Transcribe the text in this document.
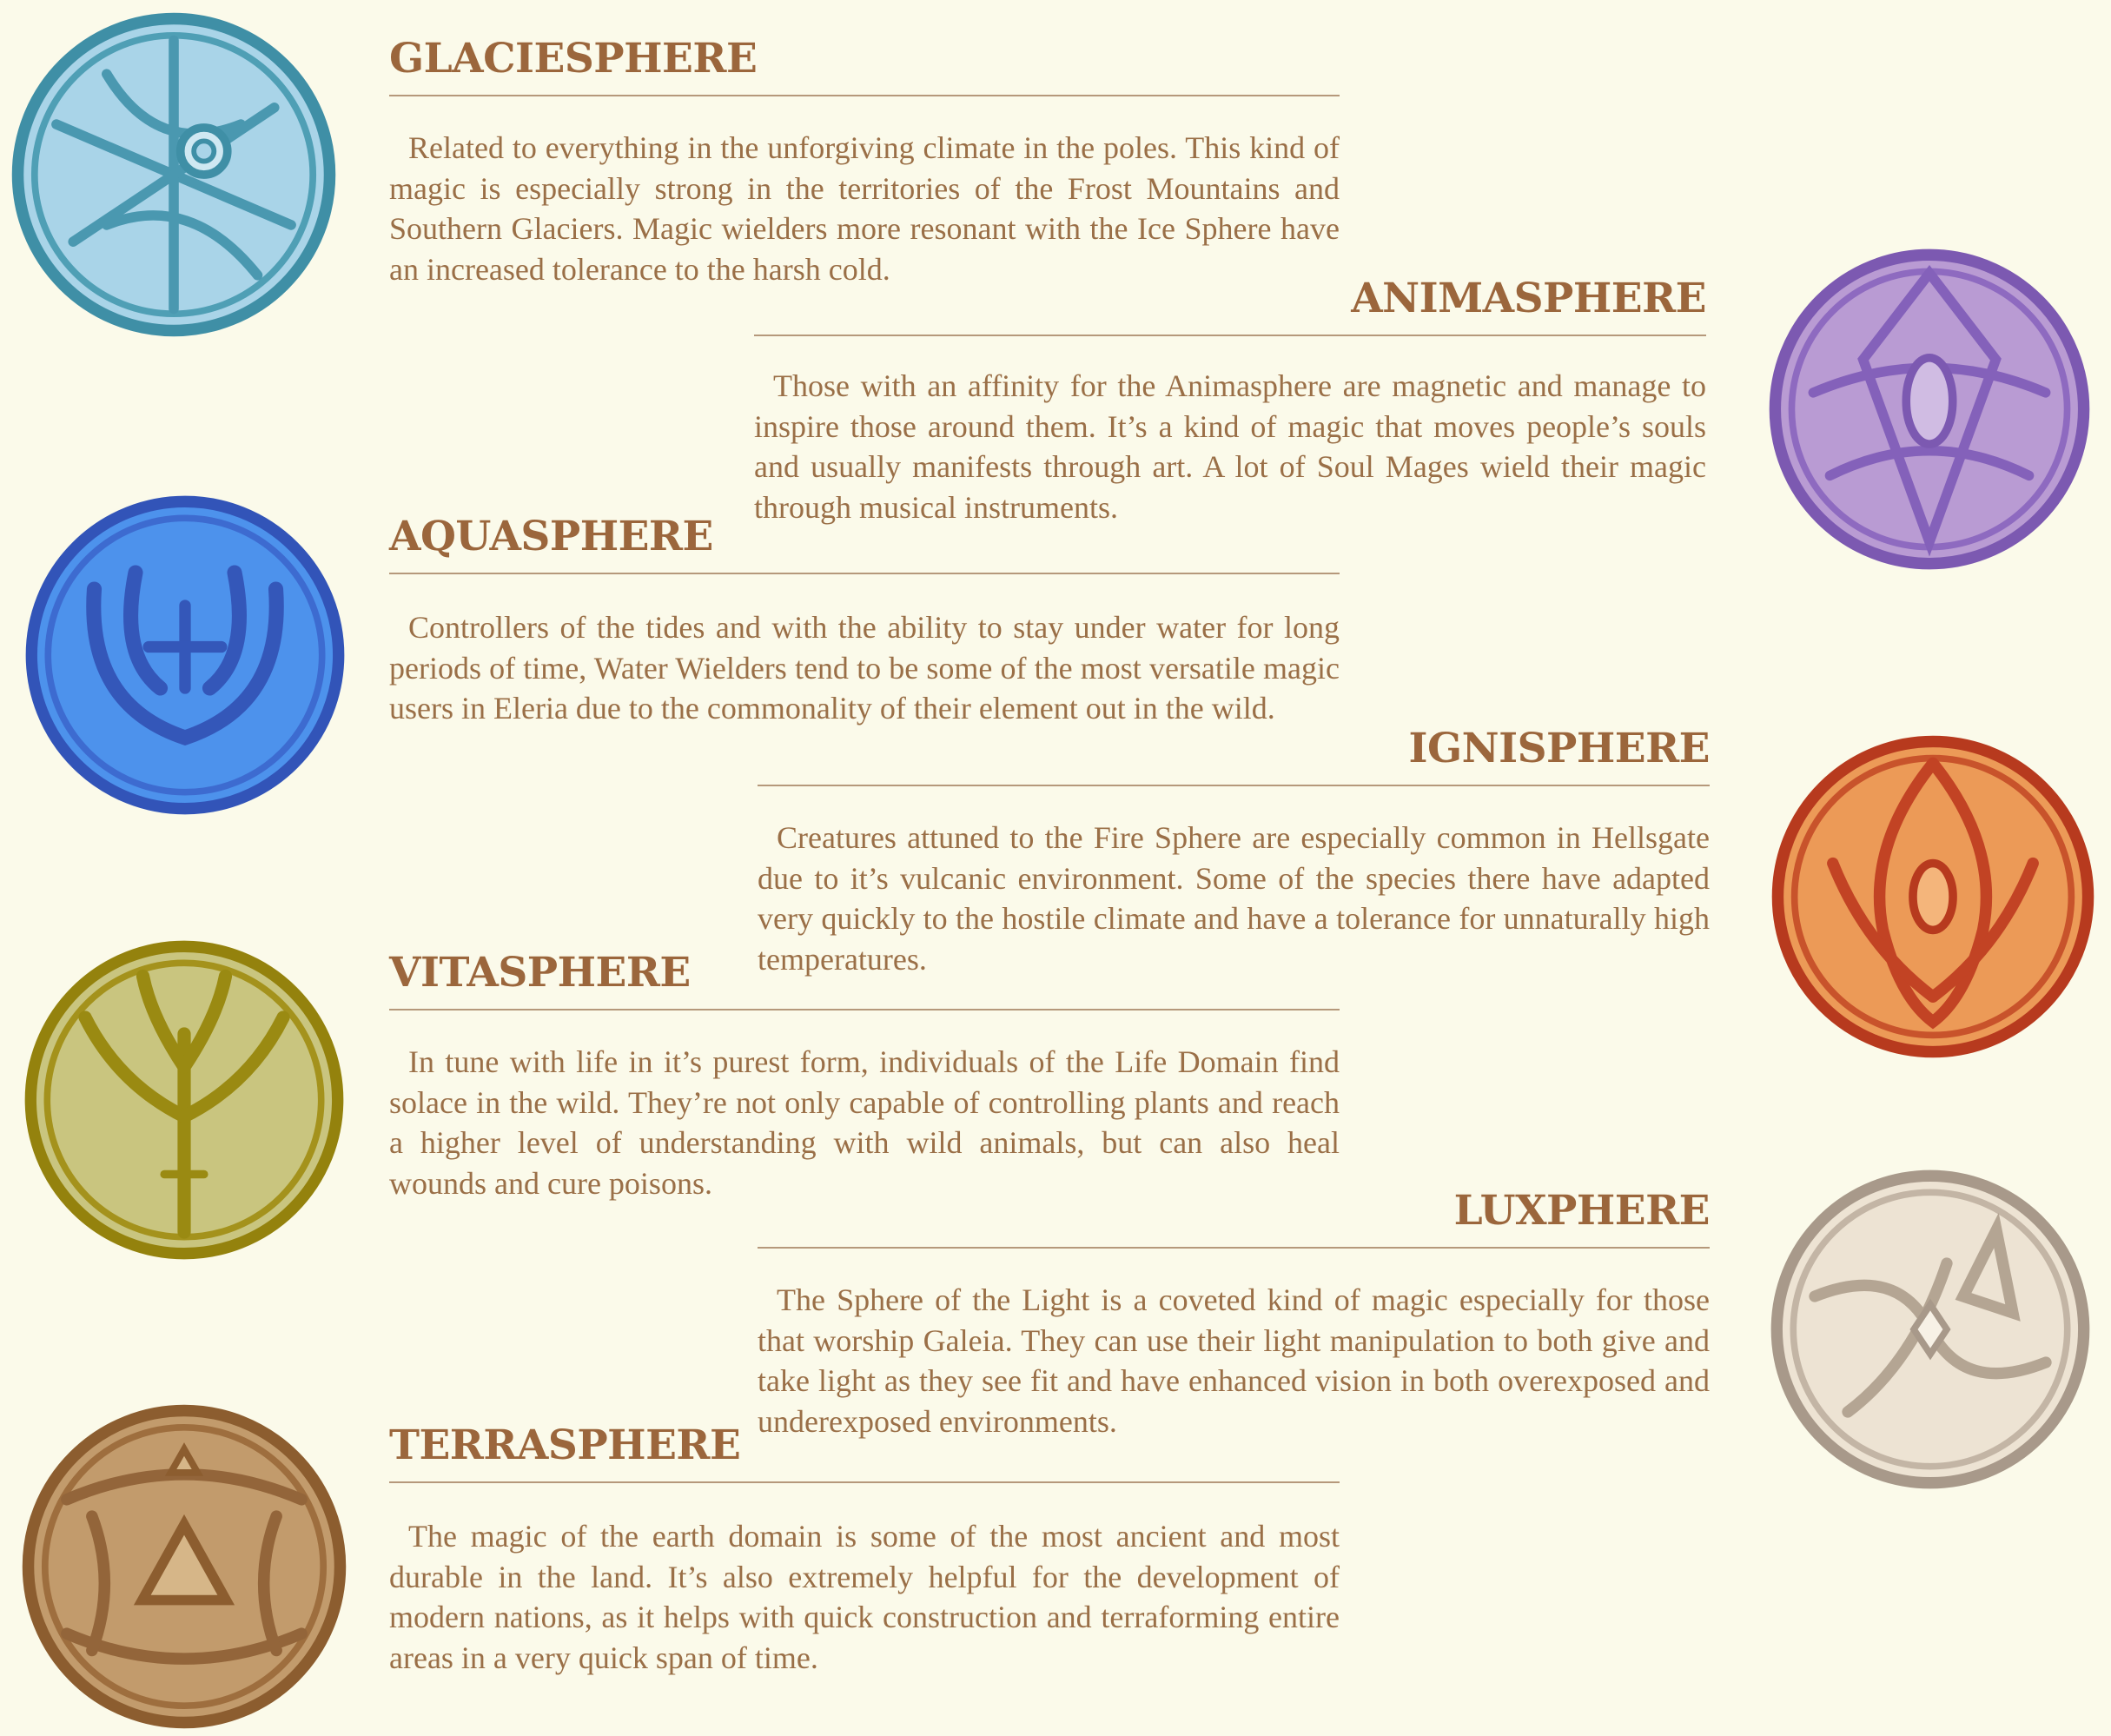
GLACIESPHERE

Related to everything in the unforgiving climate in the poles. This kind of magic is especially strong in the territories of the Frost Mountains and Southern Glaciers. Magic wielders more resonant with the Ice Sphere have an increased tolerance to the harsh cold.

ANIMASPHERE

Those with an affinity for the Animasphere are magnetic and manage to inspire those around them. It’s a kind of magic that moves people’s souls and usually manifests through art. A lot of Soul Mages wield their magic through musical instruments.

AQUASPHERE

Controllers of the tides and with the ability to stay under water for long periods of time, Water Wielders tend to be some of the most versatile magic users in Eleria due to the commonality of their element out in the wild.

IGNISPHERE

Creatures attuned to the Fire Sphere are especially common in Hellsgate due to it’s vulcanic environment. Some of the species there have adapted very quickly to the hostile climate and have a tolerance for unnaturally high temperatures.

VITASPHERE

In tune with life in it’s purest form, individuals of the Life Domain find solace in the wild. They’re not only capable of controlling plants and reach a higher level of understanding with wild animals, but can also heal wounds and cure poisons.

LUXPHERE

The Sphere of the Light is a coveted kind of magic especially for those that worship Galeia. They can use their light manipulation to both give and take light as they see fit and have enhanced vision in both overexposed and underexposed environments.

TERRASPHERE

The magic of the earth domain is some of the most ancient and most durable in the land. It’s also extremely helpful for the development of modern nations, as it helps with quick construction and terraforming entire areas in a very quick span of time.
